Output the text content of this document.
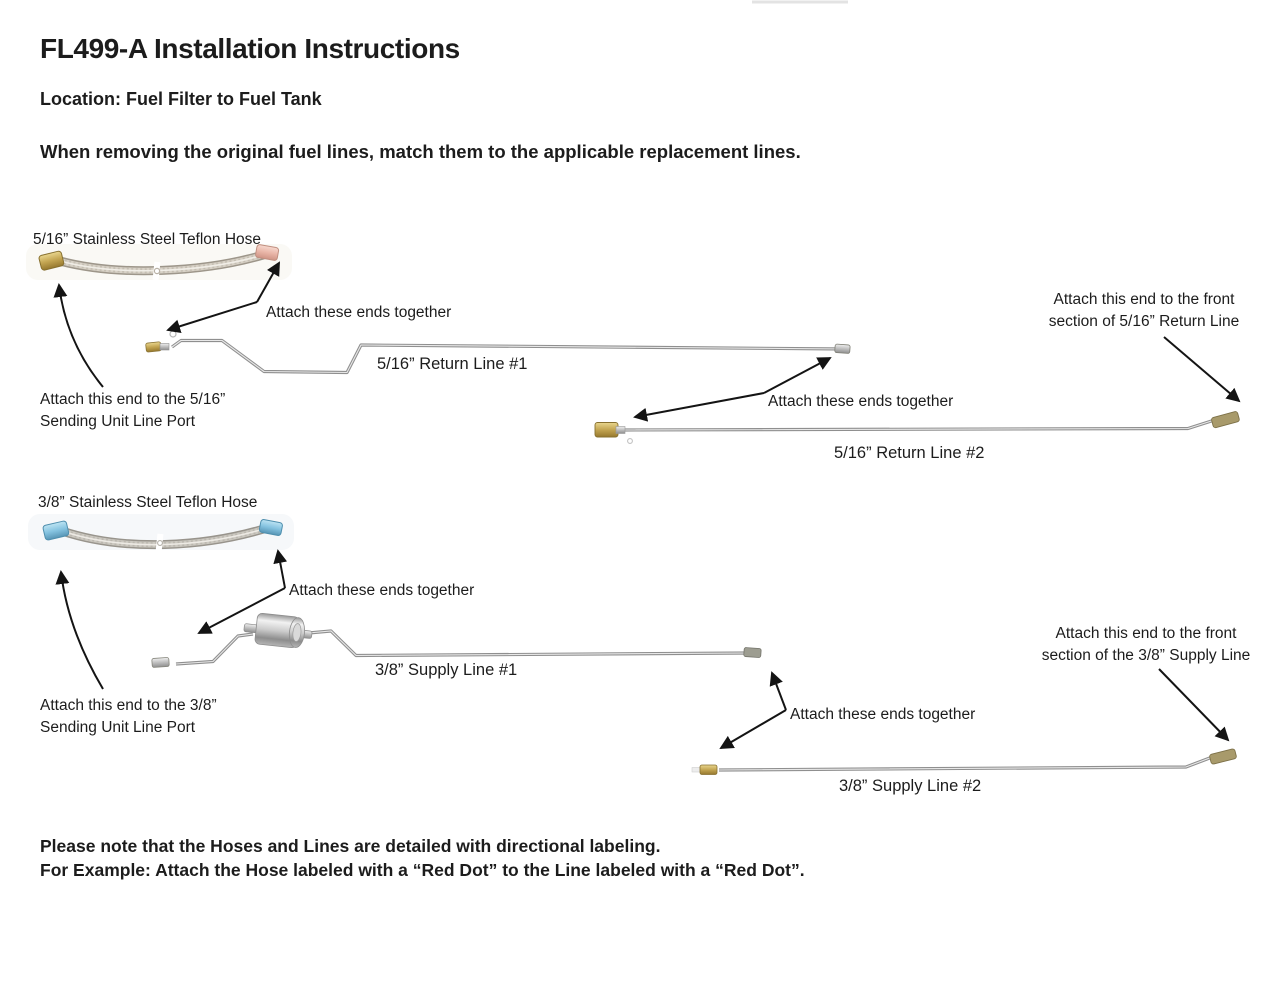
FL499-A Installation Instructions
Location: Fuel Filter to Fuel Tank
When removing the original fuel lines, match them to the applicable replacement lines.
5/16” Stainless Steel Teflon Hose
Attach these ends together
5/16” Return Line #1
Attach this end to the 5/16”
Sending Unit Line Port
Attach this end to the front
section of 5/16” Return Line
Attach these ends together
5/16” Return Line #2
3/8” Stainless Steel Teflon Hose
Attach these ends together
3/8” Supply Line #1
Attach this end to the 3/8”
Sending Unit Line Port
Attach this end to the front
section of the 3/8” Supply Line
Attach these ends together
3/8” Supply Line #2
Please note that the Hoses and Lines are detailed with directional labeling.
For Example: Attach the Hose labeled with a “Red Dot” to the Line labeled with a “Red Dot”.
